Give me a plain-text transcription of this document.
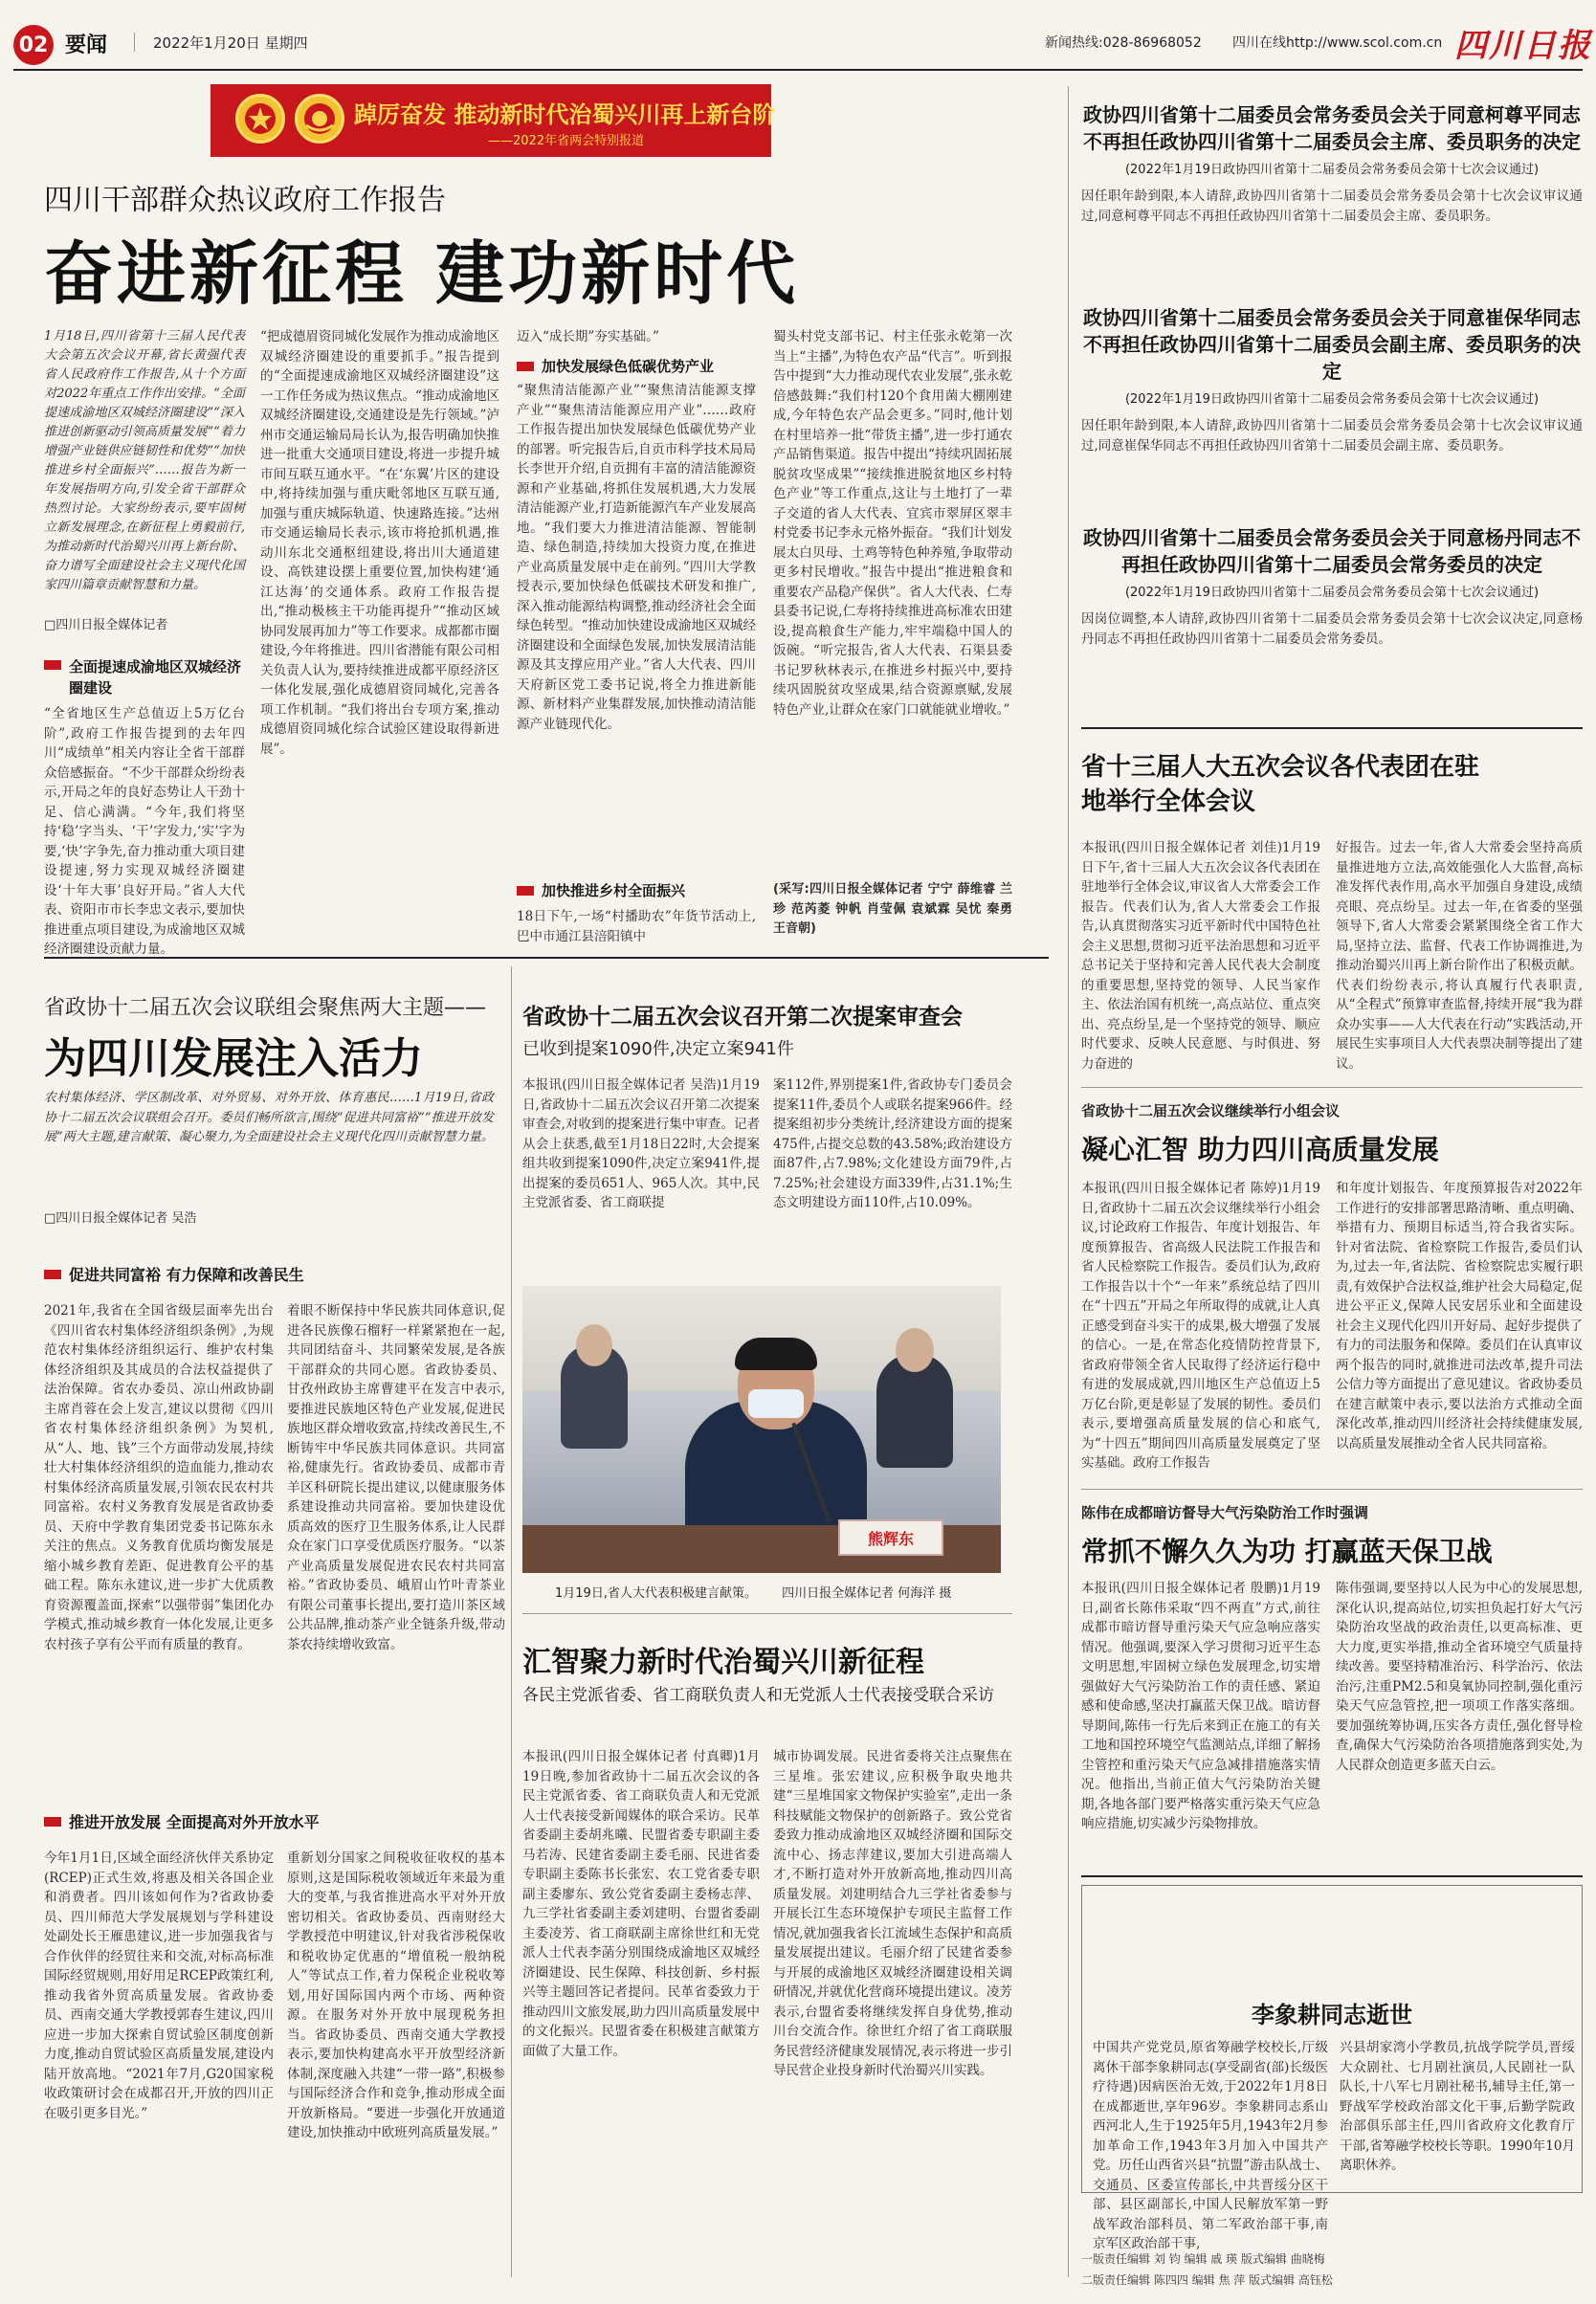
02 要闻	2022年1月20日 星期四	新闻热线:028-86968052 四川在线http://www.scol.com.cn 四川日报
踔厉奋发 推动新时代治蜀兴川再上新台阶
——2022年省两会特别报道
四川干部群众热议政府工作报告
奋进新征程 建功新时代
1月18日,四川省第十三届人民代表大会第五次会议开幕,省长黄强代表省人民政府作工作报告,从十个方面对2022年重点工作作出安排。“全面提速成渝地区双城经济圈建设”“深入推进创新驱动引领高质量发展”“着力增强产业链供应链韧性和优势”“加快推进乡村全面振兴”……报告为新一年发展指明方向,引发全省干部群众热烈讨论。大家纷纷表示,要牢固树立新发展理念,在新征程上勇毅前行,为推动新时代治蜀兴川再上新台阶、奋力谱写全面建设社会主义现代化国家四川篇章贡献智慧和力量。
□四川日报全媒体记者
全面提速成渝地区双城经济圈建设
“全省地区生产总值迈上5万亿台阶”,政府工作报告提到的去年四川“成绩单”相关内容让全省干部群众倍感振奋。“不少干部群众纷纷表示,开局之年的良好态势让人干劲十足、信心满满。“今年,我们将坚持‘稳’字当头、‘干’字发力,‘实’字为要,‘快’字争先,奋力推动重大项目建设提速,努力实现双城经济圈建设‘十年大事’良好开局。”省人大代表、资阳市市长李忠文表示,要加快推进重点项目建设,为成渝地区双城经济圈建设贡献力量。
“把成德眉资同城化发展作为推动成渝地区双城经济圈建设的重要抓手。”报告提到的“全面提速成渝地区双城经济圈建设”这一工作任务成为热议焦点。“推动成渝地区双城经济圈建设,交通建设是先行领域。”泸州市交通运输局局长认为,报告明确加快推进一批重大交通项目建设,将进一步提升城市间互联互通水平。“在‘东翼’片区的建设中,将持续加强与重庆毗邻地区互联互通,加强与重庆城际轨道、快速路连接。”达州市交通运输局长表示,该市将抢抓机遇,推动川东北交通枢纽建设,将出川大通道建设、高铁建设摆上重要位置,加快构建‘通江达海’的交通体系。政府工作报告提出,“推动极核主干功能再提升”“推动区域协同发展再加力”等工作要求。成都都市圈建设,今年将推进。四川省潜能有限公司相关负责人认为,要持续推进成都平原经济区一体化发展,强化成德眉资同城化,完善各项工作机制。“我们将出台专项方案,推动成德眉资同城化综合试验区建设取得新进展”。
迈入“成长期”夯实基础。”
加快发展绿色低碳优势产业
“聚焦清洁能源产业”“聚焦清洁能源支撑产业”“聚焦清洁能源应用产业”……政府工作报告提出加快发展绿色低碳优势产业的部署。听完报告后,自贡市科学技术局局长李世开介绍,自贡拥有丰富的清洁能源资源和产业基础,将抓住发展机遇,大力发展清洁能源产业,打造新能源汽车产业发展高地。“我们要大力推进清洁能源、智能制造、绿色制造,持续加大投资力度,在推进产业高质量发展中走在前列。”四川大学教授表示,要加快绿色低碳技术研发和推广,深入推动能源结构调整,推动经济社会全面绿色转型。“推动加快建设成渝地区双城经济圈建设和全面绿色发展,加快发展清洁能源及其支撑应用产业。”省人大代表、四川天府新区党工委书记说,将全力推进新能源、新材料产业集群发展,加快推动清洁能源产业链现代化。
加快推进乡村全面振兴
18日下午,一场“村播助农”年货节活动上,巴中市通江县涪阳镇中
蜀头村党支部书记、村主任张永乾第一次当上“主播”,为特色农产品“代言”。听到报告中提到“大力推动现代农业发展”,张永乾倍感鼓舞:“我们村120个食用菌大棚刚建成,今年特色农产品会更多。”同时,他计划在村里培养一批“带货主播”,进一步打通农产品销售渠道。报告中提出“持续巩固拓展脱贫攻坚成果”“接续推进脱贫地区乡村特色产业”等工作重点,这让与土地打了一辈子交道的省人大代表、宜宾市翠屏区翠丰村党委书记李永元格外振奋。“我们计划发展太白贝母、土鸡等特色种养殖,争取带动更多村民增收。”报告中提出“推进粮食和重要农产品稳产保供”。省人大代表、仁寿县委书记说,仁寿将持续推进高标准农田建设,提高粮食生产能力,牢牢端稳中国人的饭碗。“听完报告,省人大代表、石渠县委书记罗秋林表示,在推进乡村振兴中,要持续巩固脱贫攻坚成果,结合资源禀赋,发展特色产业,让群众在家门口就能就业增收。”
(采写:四川日报全媒体记者 宁宁 薛维睿 兰珍 范芮菱 钟帆 肖莹佩 袁斌霖 吴忧 秦勇 王音朝)
省政协十二届五次会议联组会聚焦两大主题——
为四川发展注入活力
农村集体经济、学区制改革、对外贸易、对外开放、体育惠民……1月19日,省政协十二届五次会议联组会召开。委员们畅所欲言,围绕“促进共同富裕”“推进开放发展”两大主题,建言献策、凝心聚力,为全面建设社会主义现代化四川贡献智慧力量。
□四川日报全媒体记者 吴浩
促进共同富裕 有力保障和改善民生
2021年,我省在全国省级层面率先出台《四川省农村集体经济组织条例》,为规范农村集体经济组织运行、维护农村集体经济组织及其成员的合法权益提供了法治保障。省农办委员、凉山州政协副主席肖蓉在会上发言,建议以贯彻《四川省农村集体经济组织条例》为契机,从“人、地、钱”三个方面带动发展,持续壮大村集体经济组织的造血能力,推动农村集体经济高质量发展,引领农民农村共同富裕。农村义务教育发展是省政协委员、天府中学教育集团党委书记陈东永关注的焦点。义务教育优质均衡发展是缩小城乡教育差距、促进教育公平的基础工程。陈东永建议,进一步扩大优质教育资源覆盖面,探索“以强带弱”集团化办学模式,推动城乡教育一体化发展,让更多农村孩子享有公平而有质量的教育。
着眼不断保持中华民族共同体意识,促进各民族像石榴籽一样紧紧抱在一起,共同团结奋斗、共同繁荣发展,是各族干部群众的共同心愿。省政协委员、甘孜州政协主席曹建平在发言中表示,要推进民族地区特色产业发展,促进民族地区群众增收致富,持续改善民生,不断铸牢中华民族共同体意识。共同富裕,健康先行。省政协委员、成都市青羊区科研院长提出建议,以健康服务体系建设推动共同富裕。要加快建设优质高效的医疗卫生服务体系,让人民群众在家门口享受优质医疗服务。“以茶产业高质量发展促进农民农村共同富裕。”省政协委员、峨眉山竹叶青茶业有限公司董事长提出,要打造川茶区域公共品牌,推动茶产业全链条升级,带动茶农持续增收致富。
推进开放发展 全面提高对外开放水平
今年1月1日,区域全面经济伙伴关系协定(RCEP)正式生效,将惠及相关各国企业和消费者。四川该如何作为?省政协委员、四川师范大学发展规划与学科建设处副处长王雁患建议,进一步加强我省与合作伙伴的经贸往来和交流,对标高标准国际经贸规则,用好用足RCEP政策红利,推动我省外贸高质量发展。省政协委员、西南交通大学教授郭春生建议,四川应进一步加大探索自贸试验区制度创新力度,推动自贸试验区高质量发展,建设内陆开放高地。“2021年7月,G20国家税收政策研讨会在成都召开,开放的四川正在吸引更多目光。”
重新划分国家之间税收征收权的基本原则,这是国际税收领域近年来最为重大的变革,与我省推进高水平对外开放密切相关。省政协委员、西南财经大学教授范中明建议,针对我省涉税保收和税收协定优惠的“增值税一般纳税人”等试点工作,着力保税企业税收筹划,用好国际国内两个市场、两种资源。在服务对外开放中展现税务担当。省政协委员、西南交通大学教授表示,要加快构建高水平开放型经济新体制,深度融入共建“一带一路”,积极参与国际经济合作和竞争,推动形成全面开放新格局。“要进一步强化开放通道建设,加快推动中欧班列高质量发展。”
省政协十二届五次会议召开第二次提案审查会
已收到提案1090件,决定立案941件
本报讯(四川日报全媒体记者 吴浩)1月19日,省政协十二届五次会议召开第二次提案审查会,对收到的提案进行集中审查。记者从会上获悉,截至1月18日22时,大会提案组共收到提案1090件,决定立案941件,提出提案的委员651人、965人次。其中,民主党派省委、省工商联提
案112件,界别提案1件,省政协专门委员会提案11件,委员个人或联名提案966件。经提案组初步分类统计,经济建设方面的提案475件,占提交总数的43.58%;政治建设方面87件,占7.98%;文化建设方面79件,占7.25%;社会建设方面339件,占31.1%;生态文明建设方面110件,占10.09%。
熊辉东
1月19日,省人大代表积极建言献策。 四川日报全媒体记者 何海洋 摄
汇智聚力新时代治蜀兴川新征程
各民主党派省委、省工商联负责人和无党派人士代表接受联合采访
本报讯(四川日报全媒体记者 付真卿)1月19日晚,参加省政协十二届五次会议的各民主党派省委、省工商联负责人和无党派人士代表接受新闻媒体的联合采访。民革省委副主委胡兆曦、民盟省委专职副主委马若涛、民建省委副主委毛丽、民进省委专职副主委陈书长张宏、农工党省委专职副主委廖东、致公党省委副主委杨志萍、九三学社省委副主委刘建明、台盟省委副主委凌芳、省工商联副主席徐世红和无党派人士代表李菡分别围绕成渝地区双城经济圈建设、民生保障、科技创新、乡村振兴等主题回答记者提问。民革省委致力于推动四川文旅发展,助力四川高质量发展中的文化振兴。民盟省委在积极建言献策方面做了大量工作。
城市协调发展。民进省委将关注点聚焦在三星堆。张宏建议,应积极争取央地共建“三星堆国家文物保护实验室”,走出一条科技赋能文物保护的创新路子。致公党省委致力推动成渝地区双城经济圈和国际交流中心、扬志萍建议,要加大引进高端人才,不断打造对外开放新高地,推动四川高质量发展。刘建明结合九三学社省委参与开展长江生态环境保护专项民主监督工作情况,就加强我省长江流域生态保护和高质量发展提出建议。毛丽介绍了民建省委参与开展的成渝地区双城经济圈建设相关调研情况,并就优化营商环境提出建议。凌芳表示,台盟省委将继续发挥自身优势,推动川台交流合作。徐世红介绍了省工商联服务民营经济健康发展情况,表示将进一步引导民营企业投身新时代治蜀兴川实践。
政协四川省第十二届委员会常务委员会关于同意柯尊平同志不再担任政协四川省第十二届委员会主席、委员职务的决定
(2022年1月19日政协四川省第十二届委员会常务委员会第十七次会议通过)
因任职年龄到限,本人请辞,政协四川省第十二届委员会常务委员会第十七次会议审议通过,同意柯尊平同志不再担任政协四川省第十二届委员会主席、委员职务。
政协四川省第十二届委员会常务委员会关于同意崔保华同志不再担任政协四川省第十二届委员会副主席、委员职务的决定
(2022年1月19日政协四川省第十二届委员会常务委员会第十七次会议通过)
因任职年龄到限,本人请辞,政协四川省第十二届委员会常务委员会第十七次会议审议通过,同意崔保华同志不再担任政协四川省第十二届委员会副主席、委员职务。
政协四川省第十二届委员会常务委员会关于同意杨丹同志不再担任政协四川省第十二届委员会常务委员的决定
(2022年1月19日政协四川省第十二届委员会常务委员会第十七次会议通过)
因岗位调整,本人请辞,政协四川省第十二届委员会常务委员会第十七次会议决定,同意杨丹同志不再担任政协四川省第十二届委员会常务委员。
省十三届人大五次会议各代表团在驻地举行全体会议
本报讯(四川日报全媒体记者 刘佳)1月19日下午,省十三届人大五次会议各代表团在驻地举行全体会议,审议省人大常委会工作报告。代表们认为,省人大常委会工作报告,认真贯彻落实习近平新时代中国特色社会主义思想,贯彻习近平法治思想和习近平总书记关于坚持和完善人民代表大会制度的重要思想,坚持党的领导、人民当家作主、依法治国有机统一,高点站位、重点突出、亮点纷呈,是一个坚持党的领导、顺应时代要求、反映人民意愿、与时俱进、努力奋进的
好报告。过去一年,省人大常委会坚持高质量推进地方立法,高效能强化人大监督,高标准发挥代表作用,高水平加强自身建设,成绩亮眼、亮点纷呈。过去一年,在省委的坚强领导下,省人大常委会紧紧围绕全省工作大局,坚持立法、监督、代表工作协调推进,为推动治蜀兴川再上新台阶作出了积极贡献。代表们纷纷表示,将认真履行代表职责,从“全程式”预算审查监督,持续开展“我为群众办实事——人大代表在行动”实践活动,开展民生实事项目人大代表票决制等提出了建议。
省政协十二届五次会议继续举行小组会议
凝心汇智 助力四川高质量发展
本报讯(四川日报全媒体记者 陈婷)1月19日,省政协十二届五次会议继续举行小组会议,讨论政府工作报告、年度计划报告、年度预算报告、省高级人民法院工作报告和省人民检察院工作报告。委员们认为,政府工作报告以十个“一年来”系统总结了四川在“十四五”开局之年所取得的成就,让人真正感受到奋斗实干的成果,极大增强了发展的信心。一是,在常态化疫情防控背景下,省政府带领全省人民取得了经济运行稳中有进的发展成就,四川地区生产总值迈上5万亿台阶,更是彰显了发展的韧性。委员们表示,要增强高质量发展的信心和底气,为“十四五”期间四川高质量发展奠定了坚实基础。政府工作报告
和年度计划报告、年度预算报告对2022年工作进行的安排部署思路清晰、重点明确、举措有力、预期目标适当,符合我省实际。针对省法院、省检察院工作报告,委员们认为,过去一年,省法院、省检察院忠实履行职责,有效保护合法权益,维护社会大局稳定,促进公平正义,保障人民安居乐业和全面建设社会主义现代化四川开好局、起好步提供了有力的司法服务和保障。委员们在认真审议两个报告的同时,就推进司法改革,提升司法公信力等方面提出了意见建议。省政协委员在建言献策中表示,要以法治方式推动全面深化改革,推动四川经济社会持续健康发展,以高质量发展推动全省人民共同富裕。
陈伟在成都暗访督导大气污染防治工作时强调
常抓不懈久久为功 打赢蓝天保卫战
本报讯(四川日报全媒体记者 殷鹏)1月19日,副省长陈伟采取“四不两直”方式,前往成都市暗访督导重污染天气应急响应落实情况。他强调,要深入学习贯彻习近平生态文明思想,牢固树立绿色发展理念,切实增强做好大气污染防治工作的责任感、紧迫感和使命感,坚决打赢蓝天保卫战。暗访督导期间,陈伟一行先后来到正在施工的有关工地和国控环境空气监测站点,详细了解扬尘管控和重污染天气应急减排措施落实情况。他指出,当前正值大气污染防治关键期,各地各部门要严格落实重污染天气应急响应措施,切实减少污染物排放。
陈伟强调,要坚持以人民为中心的发展思想,深化认识,提高站位,切实担负起打好大气污染防治攻坚战的政治责任,以更高标准、更大力度,更实举措,推动全省环境空气质量持续改善。要坚持精准治污、科学治污、依法治污,注重PM2.5和臭氧协同控制,强化重污染天气应急管控,把一项项工作落实落细。要加强统筹协调,压实各方责任,强化督导检查,确保大气污染防治各项措施落到实处,为人民群众创造更多蓝天白云。
李象耕同志逝世
中国共产党党员,原省筹融学校校长,厅级离休干部李象耕同志(享受副省(部)长级医疗待遇)因病医治无效,于2022年1月8日在成都逝世,享年96岁。李象耕同志系山西河北人,生于1925年5月,1943年2月参加革命工作,1943年3月加入中国共产党。历任山西省兴县“抗盟”游击队战士、交通员、区委宣传部长,中共晋绥分区干部、县区副部长,中国人民解放军第一野战军政治部科员、第二军政治部干事,南京军区政治部干事,
兴县胡家湾小学教员,抗战学院学员,晋绥大众剧社、七月剧社演员,人民剧社一队队长,十八军七月剧社秘书,辅导主任,第一野战军学校政治部文化干事,后勤学院政治部俱乐部主任,四川省政府文化教育厅干部,省筹融学校校长等职。1990年10月离职休养。
一版责任编辑 刘 钧 编辑 戚 瑛 版式编辑 曲晓梅
二版责任编辑 陈四四 编辑 焦 萍 版式编辑 高钰松
